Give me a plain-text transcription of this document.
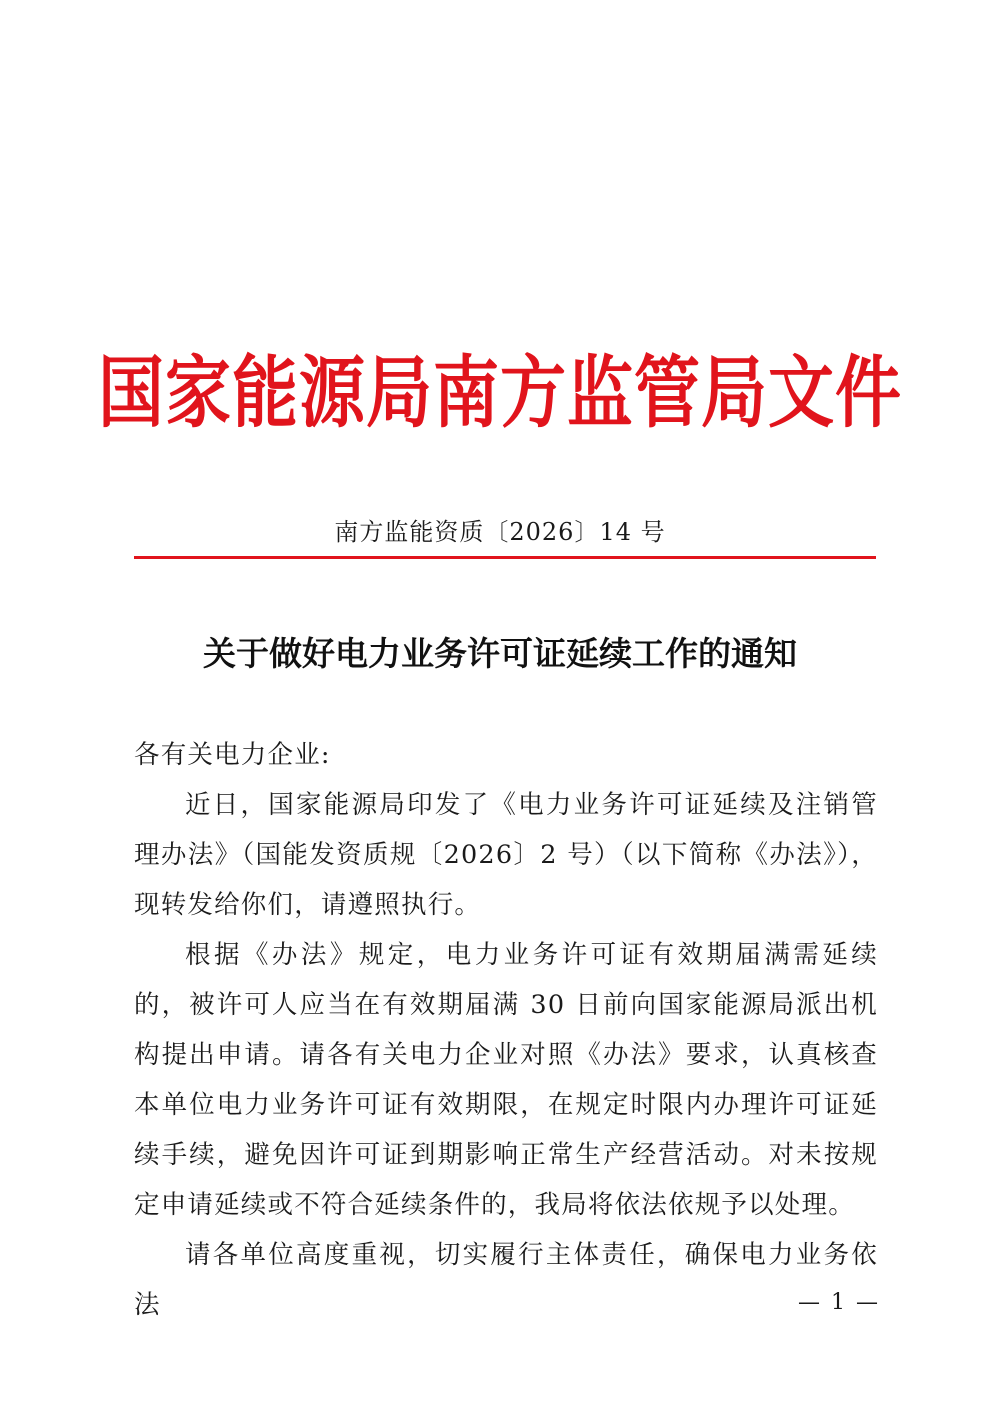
国家能源局南方监管局文件
南方监能资质〔2026〕14 号
关于做好电力业务许可证延续工作的通知

各有关电力企业:

近日，国家能源局印发了《电力业务许可证延续及注销管理办法》（国能发资质规〔2026〕2 号）（以下简称《办法》），现转发给你们，请遵照执行。

根据《办法》规定，电力业务许可证有效期届满需延续的，被许可人应当在有效期届满 30 日前向国家能源局派出机构提出申请。请各有关电力企业对照《办法》要求，认真核查本单位电力业务许可证有效期限，在规定时限内办理许可证延续手续，避免因许可证到期影响正常生产经营活动。对未按规定申请延续或不符合延续条件的，我局将依法依规予以处理。

请各单位高度重视，切实履行主体责任，确保电力业务依法	— 1 —
